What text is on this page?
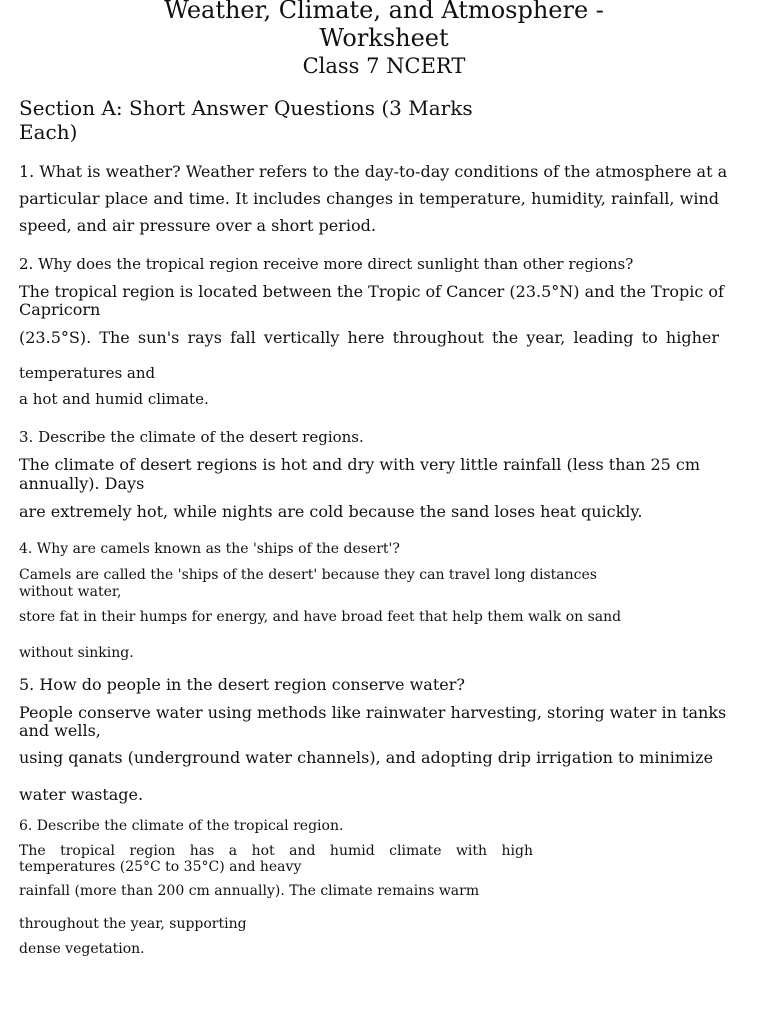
Weather, Climate, and Atmosphere -
Worksheet
Class 7 NCERT
Section A: Short Answer Questions (3 Marks
Each)
1. What is weather? Weather refers to the day-to-day conditions of the atmosphere at a
particular place and time. It includes changes in temperature, humidity, rainfall, wind
speed, and air pressure over a short period.
2. Why does the tropical region receive more direct sunlight than other regions?
The tropical region is located between the Tropic of Cancer (23.5°N) and the Tropic of
Capricorn
(23.5°S). The sun's rays fall vertically here throughout the year, leading to higher
temperatures and
a hot and humid climate.
3. Describe the climate of the desert regions.
The climate of desert regions is hot and dry with very little rainfall (less than 25 cm
annually). Days
are extremely hot, while nights are cold because the sand loses heat quickly.
4. Why are camels known as the 'ships of the desert'?
Camels are called the 'ships of the desert' because they can travel long distances
without water,
store fat in their humps for energy, and have broad feet that help them walk on sand
without sinking.
5. How do people in the desert region conserve water?
People conserve water using methods like rainwater harvesting, storing water in tanks
and wells,
using qanats (underground water channels), and adopting drip irrigation to minimize
water wastage.
6. Describe the climate of the tropical region.
The tropical region has a hot and humid climate with high
temperatures (25°C to 35°C) and heavy
rainfall (more than 200 cm annually). The climate remains warm
throughout the year, supporting
dense vegetation.
